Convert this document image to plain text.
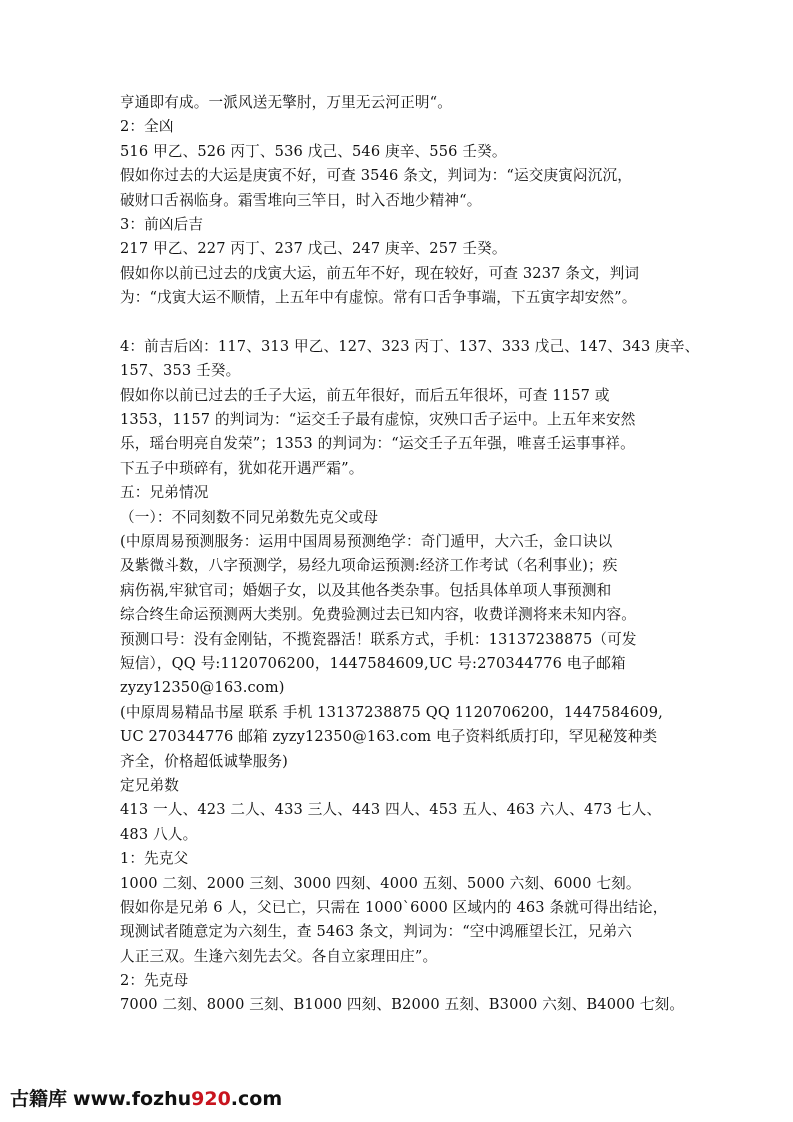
亨通即有成。一派风送无擎肘，万里无云河正明“。
2：全凶
516 甲乙、526 丙丁、536 戊己、546 庚辛、556 壬癸。
假如你过去的大运是庚寅不好，可查 3546 条文，判词为：“运交庚寅闷沉沉，
破财口舌祸临身。霜雪堆向三竿日，时入否地少精神“。
3：前凶后吉
217 甲乙、227 丙丁、237 戊己、247 庚辛、257 壬癸。
假如你以前已过去的戊寅大运，前五年不好，现在较好，可查 3237 条文，判词
为：“戊寅大运不顺情，上五年中有虚惊。常有口舌争事端，下五寅字却安然”。
4：前吉后凶：117、313 甲乙、127、323 丙丁、137、333 戊己、147、343 庚辛、
157、353 壬癸。
假如你以前已过去的壬子大运，前五年很好，而后五年很坏，可查 1157 或
1353，1157 的判词为：“运交壬子最有虚惊，灾殃口舌子运中。上五年来安然
乐，瑶台明亮自发荣”；1353 的判词为：“运交壬子五年强，唯喜壬运事事祥。
下五子中琐碎有，犹如花开遇严霜”。
五：兄弟情况
（一）：不同刻数不同兄弟数先克父或母
(中原周易预测服务：运用中国周易预测绝学：奇门遁甲，大六壬，金口诀以
及紫微斗数，八字预测学，易经九项命运预测:经济工作考试（名利事业)；疾
病伤祸,牢狱官司；婚姻子女，以及其他各类杂事。包括具体单项人事预测和
综合终生命运预测两大类别。免费验测过去已知内容，收费详测将来未知内容。
预测口号：没有金刚钻，不揽瓷器活！联系方式，手机：13137238875（可发
短信），QQ 号:1120706200，1447584609,UC 号:270344776 电子邮箱
zyzy12350@163.com)
(中原周易精品书屋 联系 手机 13137238875 QQ 1120706200，1447584609,
UC 270344776 邮箱 zyzy12350@163.com 电子资料纸质打印，罕见秘笈种类
齐全，价格超低诚挚服务)
定兄弟数
413 一人、423 二人、433 三人、443 四人、453 五人、463 六人、473 七人、
483 八人。
1：先克父
1000 二刻、2000 三刻、3000 四刻、4000 五刻、5000 六刻、6000 七刻。
假如你是兄弟 6 人，父已亡，只需在 1000`6000 区域内的 463 条就可得出结论，
现测试者随意定为六刻生，查 5463 条文，判词为：“空中鸿雁望长江，兄弟六
人正三双。生逢六刻先去父。各自立家理田庄”。
2：先克母
7000 二刻、8000 三刻、B1000 四刻、B2000 五刻、B3000 六刻、B4000 七刻。
古籍库 www. fozhu 920 .com
